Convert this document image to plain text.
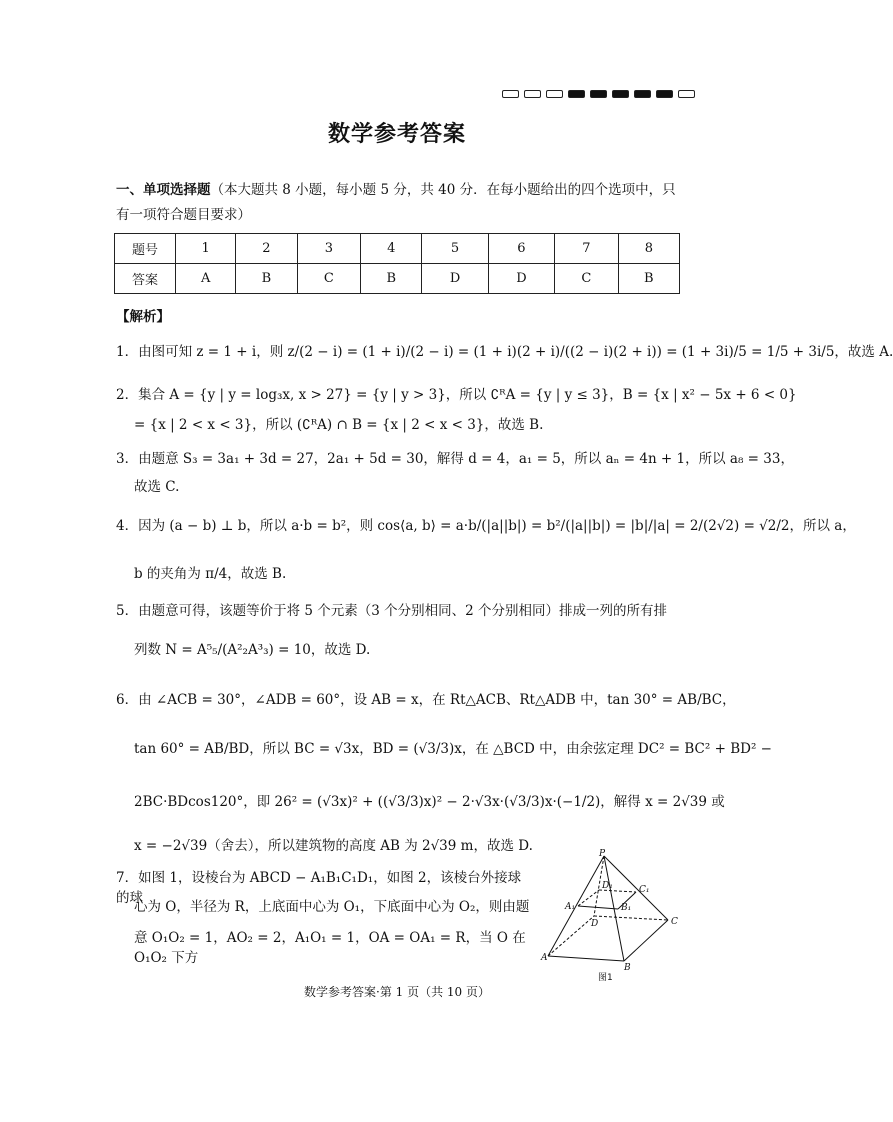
数学参考答案
一、单项选择题（本大题共 8 小题，每小题 5 分，共 40 分．在每小题给出的四个选项中，只
有一项符合题目要求）
题号	1	2	3	4	5	6	7	8
答案	A	B	C	B	D	D	C	B
【解析】
1．由图可知 z = 1 + i，则 z/(2 − i) = (1 + i)/(2 − i) = (1 + i)(2 + i)/((2 − i)(2 + i)) = (1 + 3i)/5 = 1/5 + 3i/5，故选 A.
2．集合 A = {y | y = log₃x, x > 27} = {y | y > 3}，所以 ∁ᴿA = {y | y ≤ 3}，B = {x | x² − 5x + 6 < 0}
= {x | 2 < x < 3}，所以 (∁ᴿA) ∩ B = {x | 2 < x < 3}，故选 B.
3．由题意 S₃ = 3a₁ + 3d = 27，2a₁ + 5d = 30，解得 d = 4，a₁ = 5，所以 aₙ = 4n + 1，所以 a₈ = 33，
故选 C.
4．因为 (a − b) ⊥ b，所以 a·b = b²，则 cos⟨a, b⟩ = a·b/(|a||b|) = b²/(|a||b|) = |b|/|a| = 2/(2√2) = √2/2，所以 a，
b 的夹角为 π/4，故选 B.
5．由题意可得，该题等价于将 5 个元素（3 个分别相同、2 个分别相同）排成一列的所有排
列数 N = A⁵₅/(A²₂A³₃) = 10，故选 D.
6．由 ∠ACB = 30°，∠ADB = 60°，设 AB = x，在 Rt△ACB、Rt△ADB 中，tan 30° = AB/BC，
tan 60° = AB/BD，所以 BC = √3x，BD = (√3/3)x，在 △BCD 中，由余弦定理 DC² = BC² + BD² −
2BC·BDcos120°，即 26² = (√3x)² + ((√3/3)x)² − 2·√3x·(√3/3)x·(−1/2)，解得 x = 2√39 或
x = −2√39（舍去），所以建筑物的高度 AB 为 2√39 m，故选 D.
7．如图 1，设棱台为 ABCD − A₁B₁C₁D₁，如图 2，该棱台外接球的球
心为 O，半径为 R，上底面中心为 O₁，下底面中心为 O₂，则由题
意 O₁O₂ = 1，AO₂ = 2，A₁O₁ = 1，OA = OA₁ = R，当 O 在 O₁O₂ 下方
P
D₁	C₁
A₁	B₁
D	C
A
B
图1
数学参考答案·第 1 页（共 10 页）
